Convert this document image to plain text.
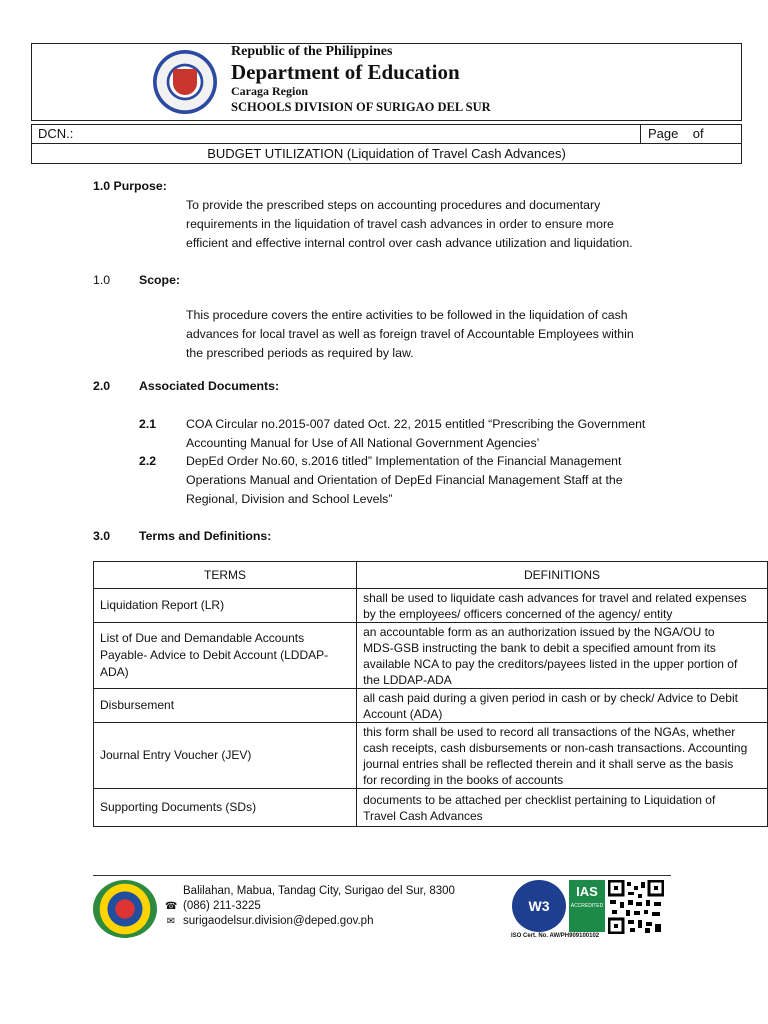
Republic of the Philippines
Department of Education
Caraga Region
SCHOOLS DIVISION OF SURIGAO DEL SUR
DCN.:	Page    of
BUDGET UTILIZATION (Liquidation of Travel Cash Advances)
1.0 Purpose:
To provide the prescribed steps on accounting procedures and documentary
requirements in the liquidation of travel cash advances in order to ensure more
efficient and effective internal control over cash advance utilization and liquidation.
1.0 Scope:
This procedure covers the entire activities to be followed in the liquidation of cash
advances for local travel as well as foreign travel of Accountable Employees within
the prescribed periods as required by law.
2.0 Associated Documents:
2.1 COA Circular no.2015-007 dated Oct. 22, 2015 entitled “Prescribing the Government
Accounting Manual for Use of All National Government Agencies’
2.2 DepEd Order No.60, s.2016 titled” Implementation of the Financial Management
Operations Manual and Orientation of DepEd Financial Management Staff at the
Regional, Division and School Levels”
3.0 Terms and Definitions:
TERMS	DEFINITIONS
Liquidation Report (LR)	shall be used to liquidate cash advances for travel and related expenses
by the employees/ officers concerned of the agency/ entity

List of Due and Demandable Accounts Payable- Advice to Debit Account (LDDAP-ADA)	an accountable form as an authorization issued by the NGA/OU to
MDS-GSB instructing the bank to debit a specified amount from its
available NCA to pay the creditors/payees listed in the upper portion of
the LDDAP-ADA

Disbursement	all cash paid during a given period in cash or by check/ Advice to Debit
Account (ADA)

Journal Entry Voucher (JEV)	this form shall be used to record all transactions of the NGAs, whether
cash receipts, cash disbursements or non-cash transactions. Accounting
journal entries shall be reflected therein and it shall serve as the basis
for recording in the books of accounts

Supporting Documents (SDs)	documents to be attached per checklist pertaining to Liquidation of
Travel Cash Advances
Balilahan, Mabua, Tandag City, Surigao del Sur, 8300
☎ (086) 211-3225
✉ surigaodelsur.division@deped.gov.ph
W3
IAS
ACCREDITED
ISO Cert. No. AW/PH909100102
